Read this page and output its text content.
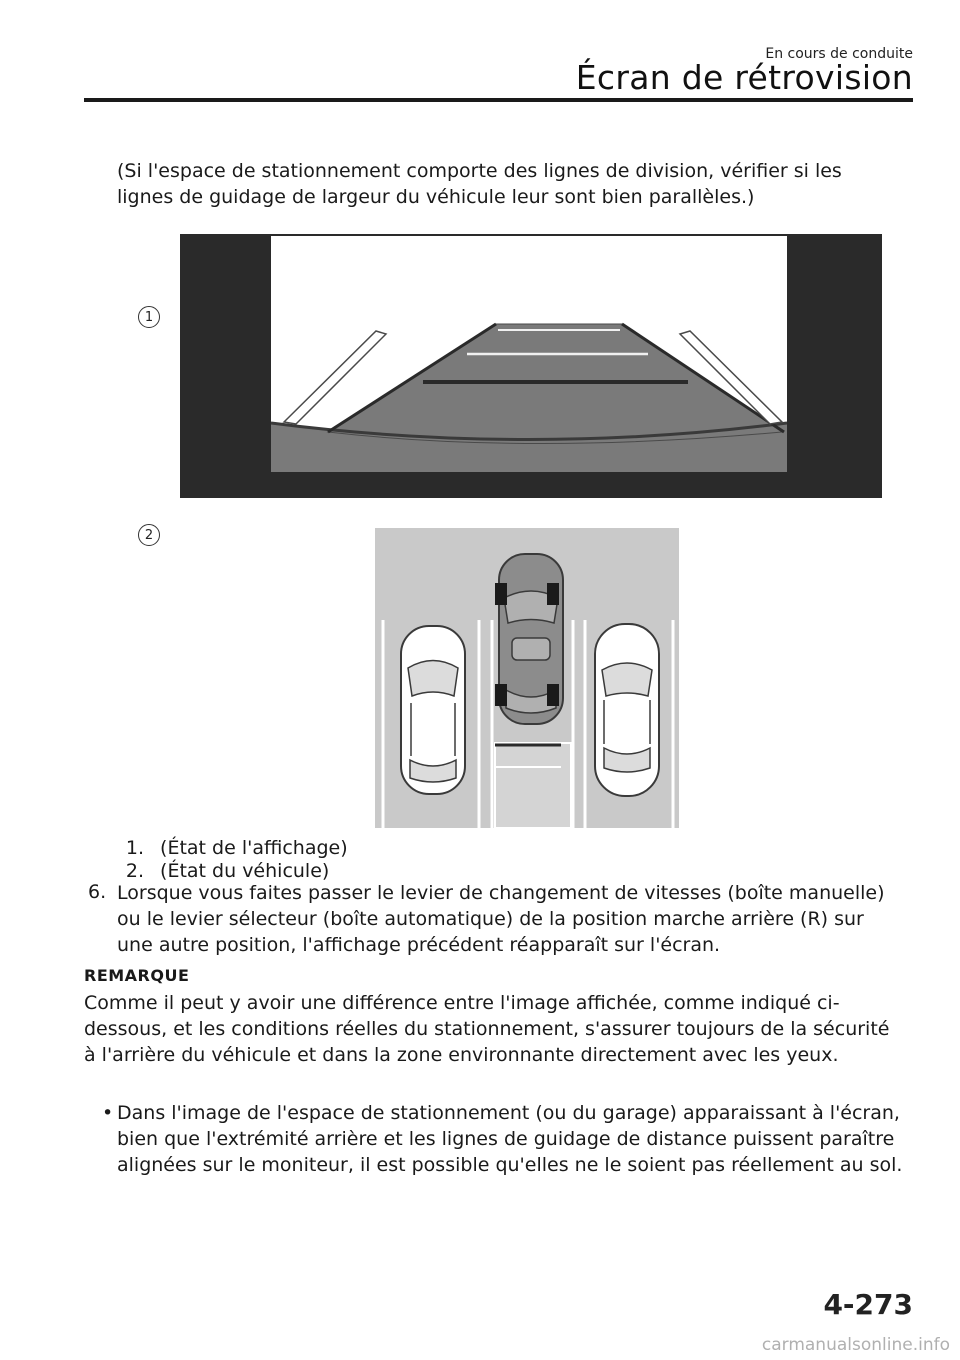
En cours de conduite
Écran de rétrovision

(Si l'espace de stationnement comporte des lignes de division, vérifier si les lignes de guidage de largeur du véhicule leur sont bien parallèles.)

1
2
1. (État de l'affichage)
2. (État du véhicule)
6. Lorsque vous faites passer le levier de changement de vitesses (boîte manuelle) ou le levier sélecteur (boîte automatique) de la position marche arrière (R) sur une autre position, l'affichage précédent réapparaît sur l'écran.

REMARQUE

Comme il peut y avoir une différence entre l'image affichée, comme indiqué ci-dessous, et les conditions réelles du stationnement, s'assurer toujours de la sécurité à l'arrière du véhicule et dans la zone environnante directement avec les yeux.

• Dans l'image de l'espace de stationnement (ou du garage) apparaissant à l'écran, bien que l'extrémité arrière et les lignes de guidage de distance puissent paraître alignées sur le moniteur, il est possible qu'elles ne le soient pas réellement au sol.
4-273
carmanualsonline.info
